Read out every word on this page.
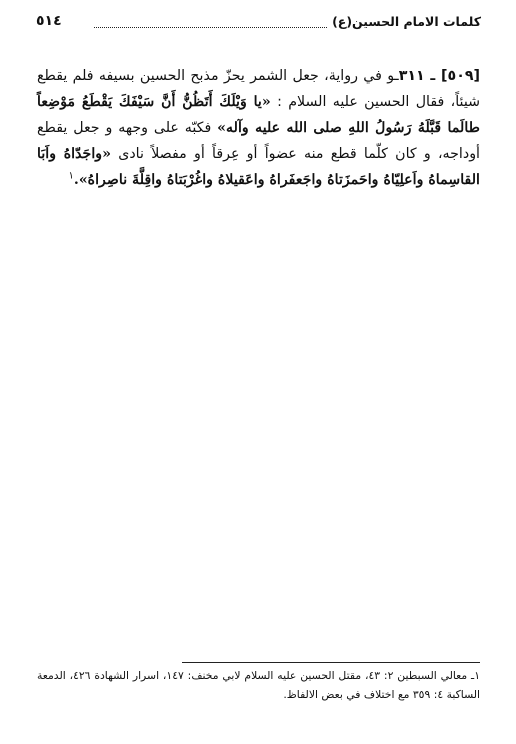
كلمات الامام الحسين(ع)
٥١٤

[٥٠٩] ـ ٣١١ـو في رواية، جعل الشمر يحزّ مذبح الحسين بسيفه فلم يقطع شيئاً، فقال الحسين عليه السلام : «يا وَيْلَكَ أَتَظُنُّ أَنَّ سَيْفَكَ يَقْطَعُ مَوْضِعاً طالَما قَبَّلَهُ رَسُولُ اللهِ صلى الله عليه وآله» فكبّه على وجهه و جعل يقطع أوداجه، و كان كلّما قطع منه عضواً أو عِرقاً أو مفصلاً نادى «واجَدّاهُ واَبَا القاسِماهُ واَعلِيّاهُ واحَمزَتاهُ واجَعفَراهُ واعَقيلاهُ واغُرْبَتاهُ واقِلَّةَ ناصِراهُ».$^١$

١ـ معالي السبطين ٢: ٤٣، مقتل الحسين عليه السلام لابي مخنف: ١٤٧، اسرار الشهادة ٤٢٦، الدمعة الساكبة ٤: ٣٥٩ مع اختلاف في بعض الالفاظ.
